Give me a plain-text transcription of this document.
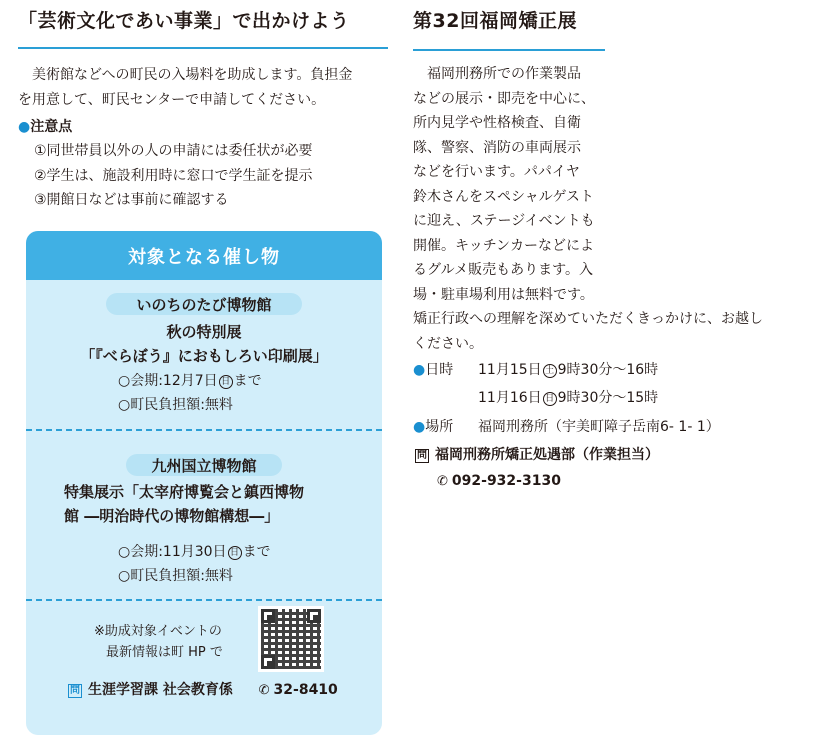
「芸術文化であい事業」で出かけよう
美術館などへの町民の入場料を助成します。負担金
を用意して、町民センターで申請してください。
●注意点
①同世帯員以外の人の申請には委任状が必要
②学生は、施設利用時に窓口で学生証を提示
③開館日などは事前に確認する
対象となる催し物
いのちのたび博物館
秋の特別展
「『べらぼう』におもしろい印刷展」
○会期:12月7日 日 まで
○町民負担額:無料
九州国立博物館
特集展示「太宰府博覧会と鎮西博物
館 ―明治時代の博物館構想―」
○会期:11月30日 日 まで
○町民負担額:無料
※助成対象イベントの
最新情報は町 HP で
問 生涯学習課 社会教育係 ✆ 32-8410
第32回福岡矯正展
福岡刑務所での作業製品
などの展示・即売を中心に、
所内見学や性格検査、自衛
隊、警察、消防の車両展示
などを行います。パパイヤ
鈴木さんをスペシャルゲスト
に迎え、ステージイベントも
開催。キッチンカーなどによ
るグルメ販売もあります。入
場・駐車場利用は無料です。
矯正行政への理解を深めていただくきっかけに、お越し
ください。
●日時 11月15日 土 9時30分～16時
11月16日 日 9時30分～15時
●場所 福岡刑務所（宇美町障子岳南6- 1- 1）
問 福岡刑務所矯正処遇部（作業担当）
✆ 092-932-3130
